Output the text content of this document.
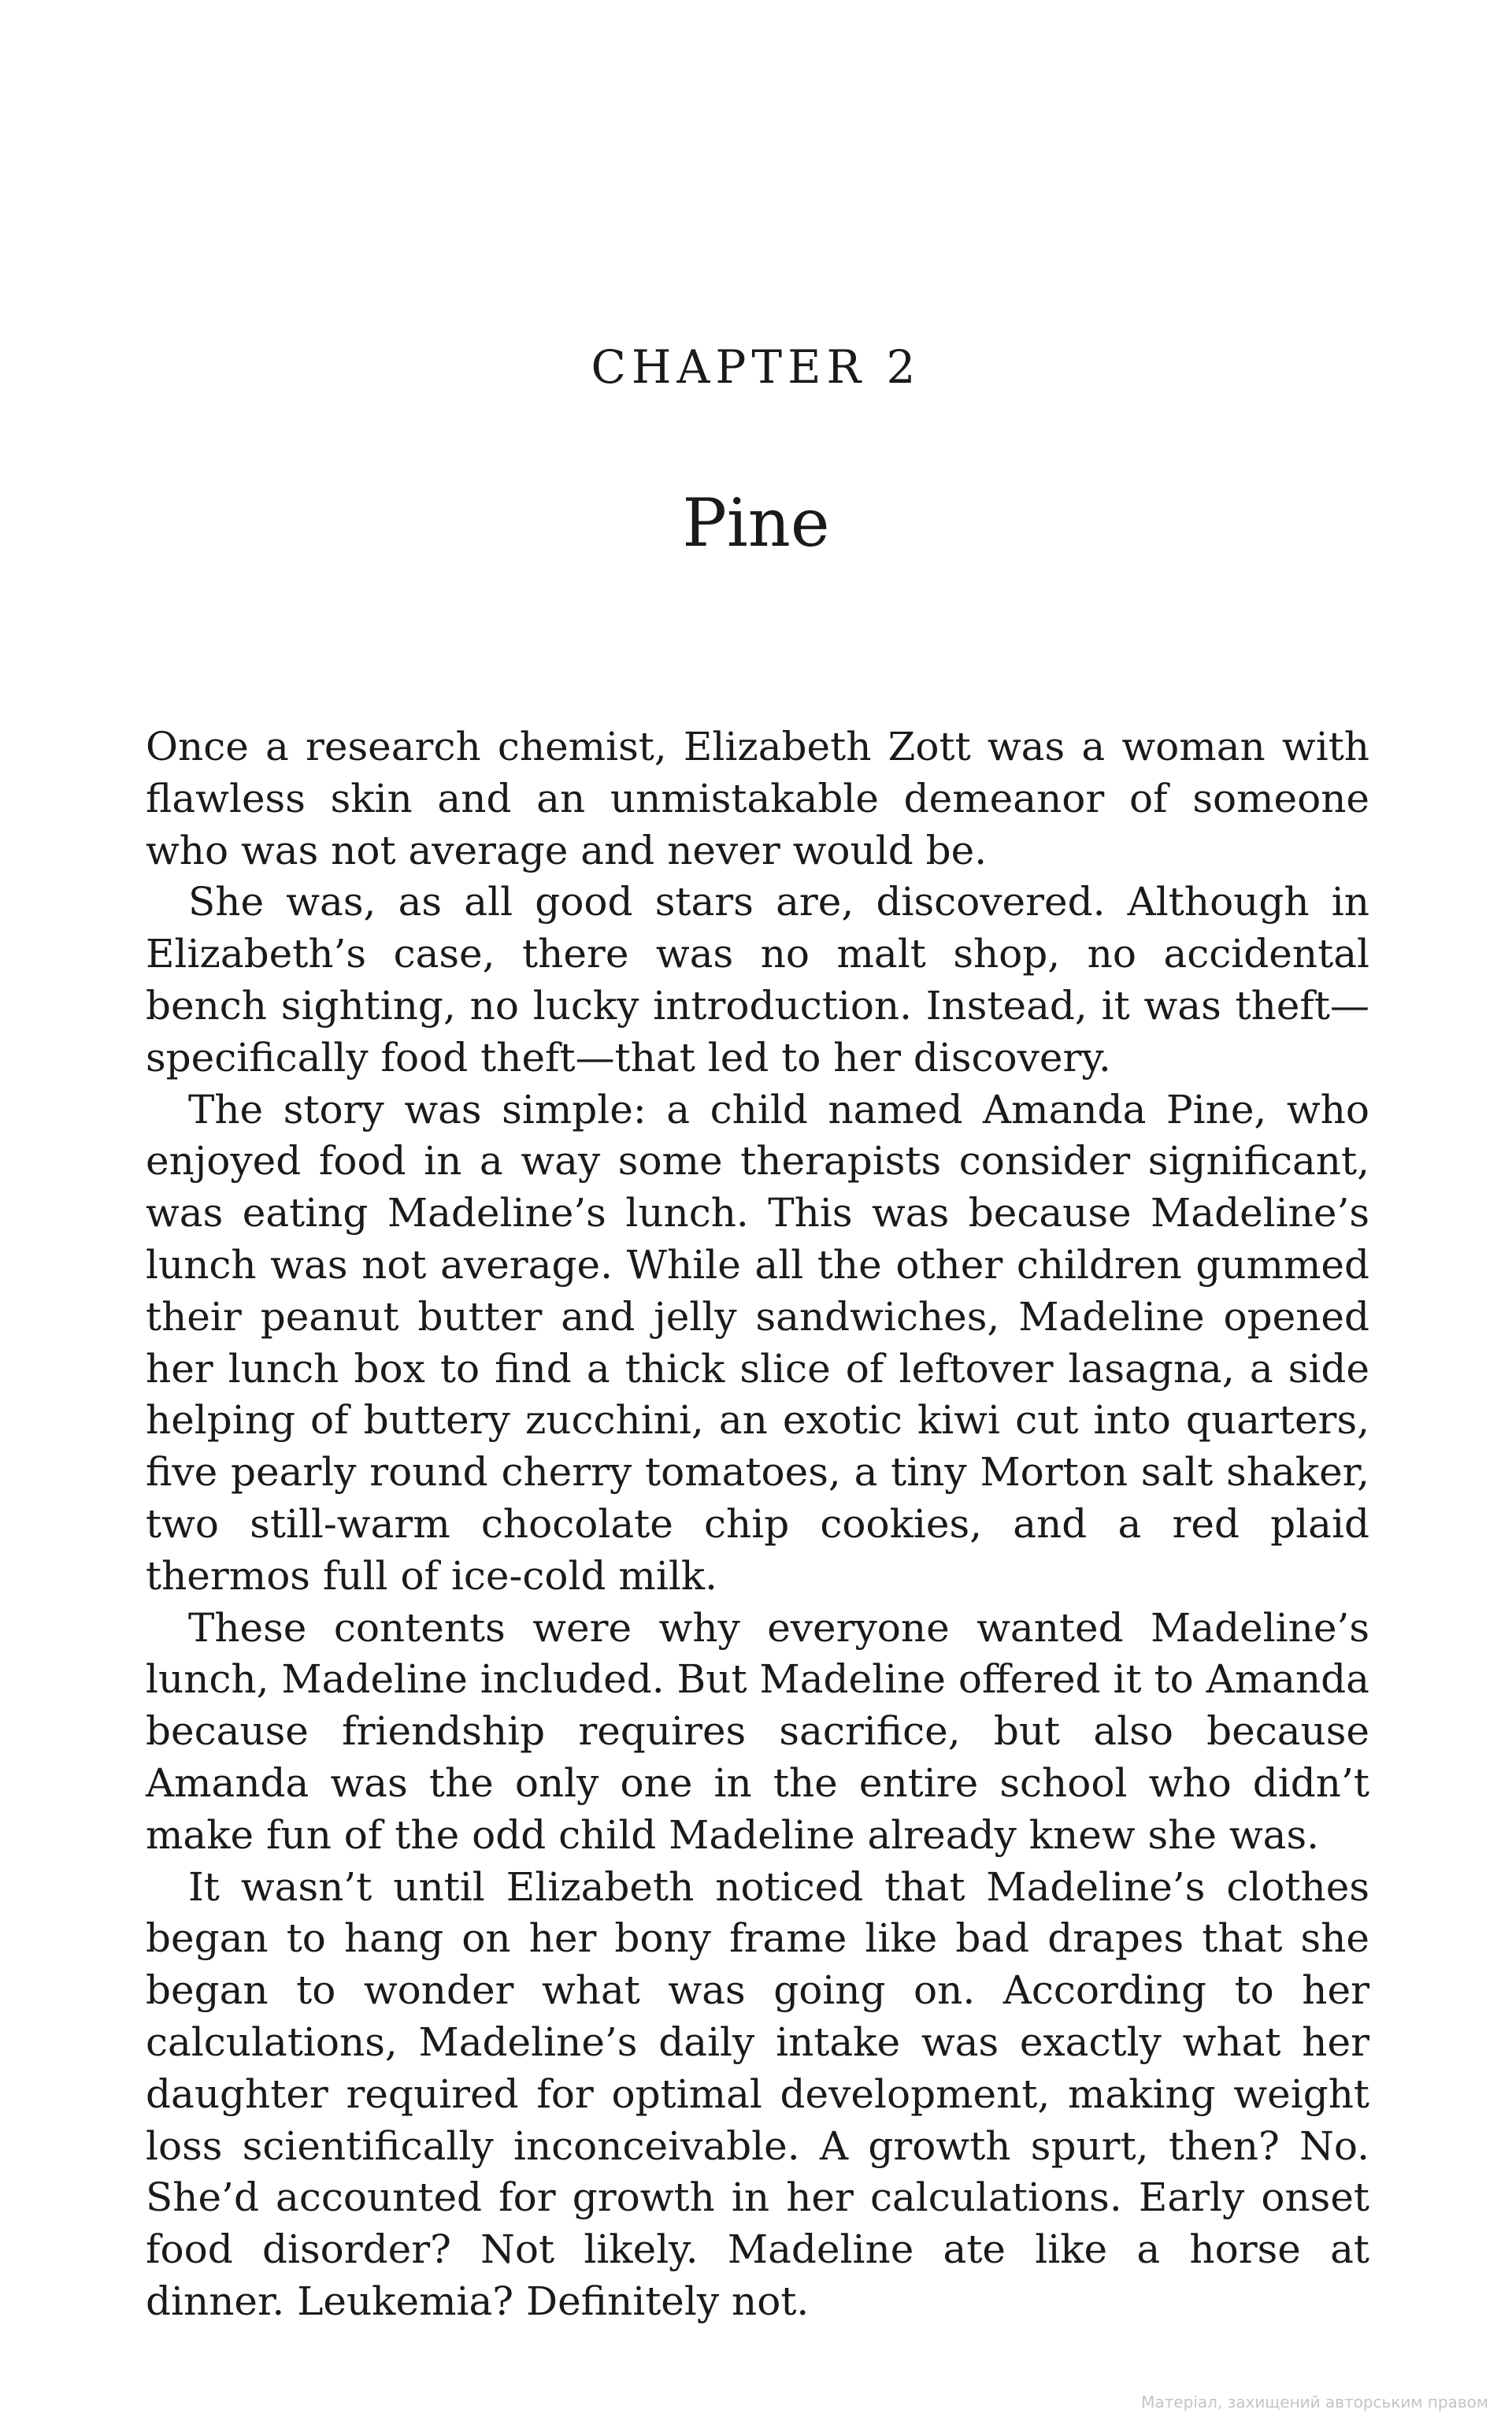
CHAPTER 2
Pine

Once a research chemist, Elizabeth Zott was a woman with flawless skin and an unmistakable demeanor of someone who was not average and never would be.

She was, as all good stars are, discovered. Although in Elizabeth’s case, there was no malt shop, no accidental bench sighting, no lucky introduction. Instead, it was theft—specifically food theft—that led to her discovery.

The story was simple: a child named Amanda Pine, who enjoyed food in a way some therapists consider significant, was eating Madeline’s lunch. This was because Madeline’s lunch was not average. While all the other children gummed their peanut butter and jelly sandwiches, Madeline opened her lunch box to find a thick slice of leftover lasagna, a side helping of buttery zucchini, an exotic kiwi cut into quarters, five pearly round cherry tomatoes, a tiny Morton salt shaker, two still-warm chocolate chip cookies, and a red plaid thermos full of ice-cold milk.

These contents were why everyone wanted Madeline’s lunch, Madeline included. But Madeline offered it to Amanda because friendship requires sacrifice, but also because Amanda was the only one in the entire school who didn’t make fun of the odd child Madeline already knew she was.

It wasn’t until Elizabeth noticed that Madeline’s clothes began to hang on her bony frame like bad drapes that she began to wonder what was going on. According to her calculations, Madeline’s daily intake was exactly what her daughter required for optimal development, making weight loss scientifically inconceivable. A growth spurt, then? No. She’d accounted for growth in her calculations. Early onset food disorder? Not likely. Madeline ate like a horse at dinner. Leukemia? Definitely not.

Матеріал, захищений авторським правом
